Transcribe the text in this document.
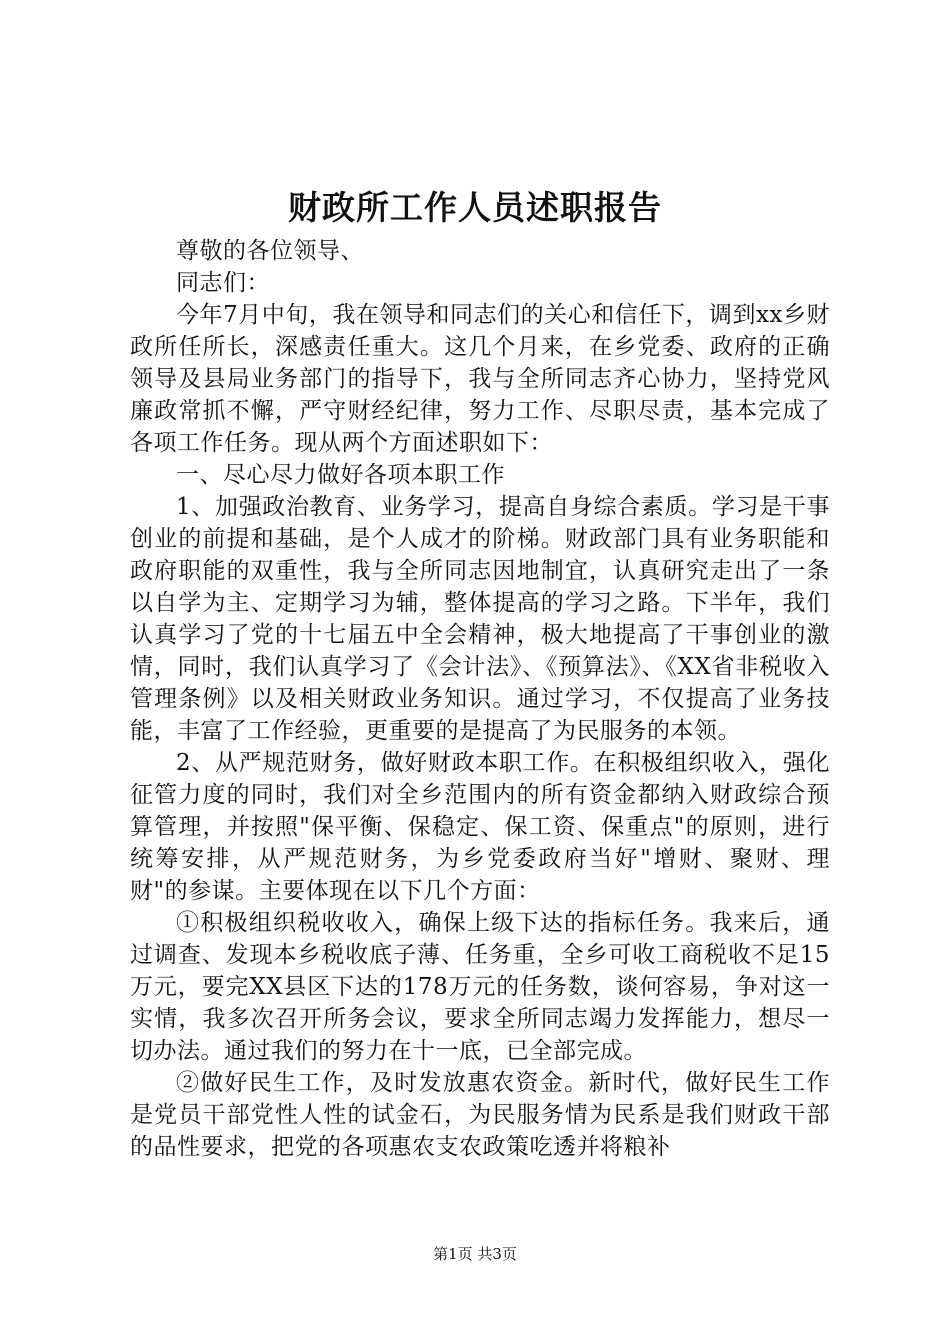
财政所工作人员述职报告

尊敬的各位领导、

同志们：

今年7月中旬，我在领导和同志们的关心和信任下，调到xx乡财政所任所长，深感责任重大。这几个月来，在乡党委、政府的正确领导及县局业务部门的指导下，我与全所同志齐心协力，坚持党风廉政常抓不懈，严守财经纪律，努力工作、尽职尽责，基本完成了各项工作任务。现从两个方面述职如下：

一、尽心尽力做好各项本职工作

1、加强政治教育、业务学习，提高自身综合素质。学习是干事创业的前提和基础，是个人成才的阶梯。财政部门具有业务职能和政府职能的双重性，我与全所同志因地制宜，认真研究走出了一条以自学为主、定期学习为辅，整体提高的学习之路。下半年，我们认真学习了党的十七届五中全会精神，极大地提高了干事创业的激情，同时，我们认真学习了《会计法》、《预算法》、《XX省非税收入管理条例》以及相关财政业务知识。通过学习，不仅提高了业务技能，丰富了工作经验，更重要的是提高了为民服务的本领。

2、从严规范财务，做好财政本职工作。在积极组织收入，强化征管力度的同时，我们对全乡范围内的所有资金都纳入财政综合预算管理，并按照"保平衡、保稳定、保工资、保重点"的原则，进行统筹安排，从严规范财务，为乡党委政府当好"增财、聚财、理财"的参谋。主要体现在以下几个方面：

①积极组织税收收入，确保上级下达的指标任务。我来后，通过调查、发现本乡税收底子薄、任务重，全乡可收工商税收不足15万元，要完XX县区下达的178万元的任务数，谈何容易，争对这一实情，我多次召开所务会议，要求全所同志竭力发挥能力，想尽一切办法。通过我们的努力在十一底，已全部完成。

②做好民生工作，及时发放惠农资金。新时代，做好民生工作是党员干部党性人性的试金石，为民服务情为民系是我们财政干部的品性要求，把党的各项惠农支农政策吃透并将粮补

第1页 共3页
